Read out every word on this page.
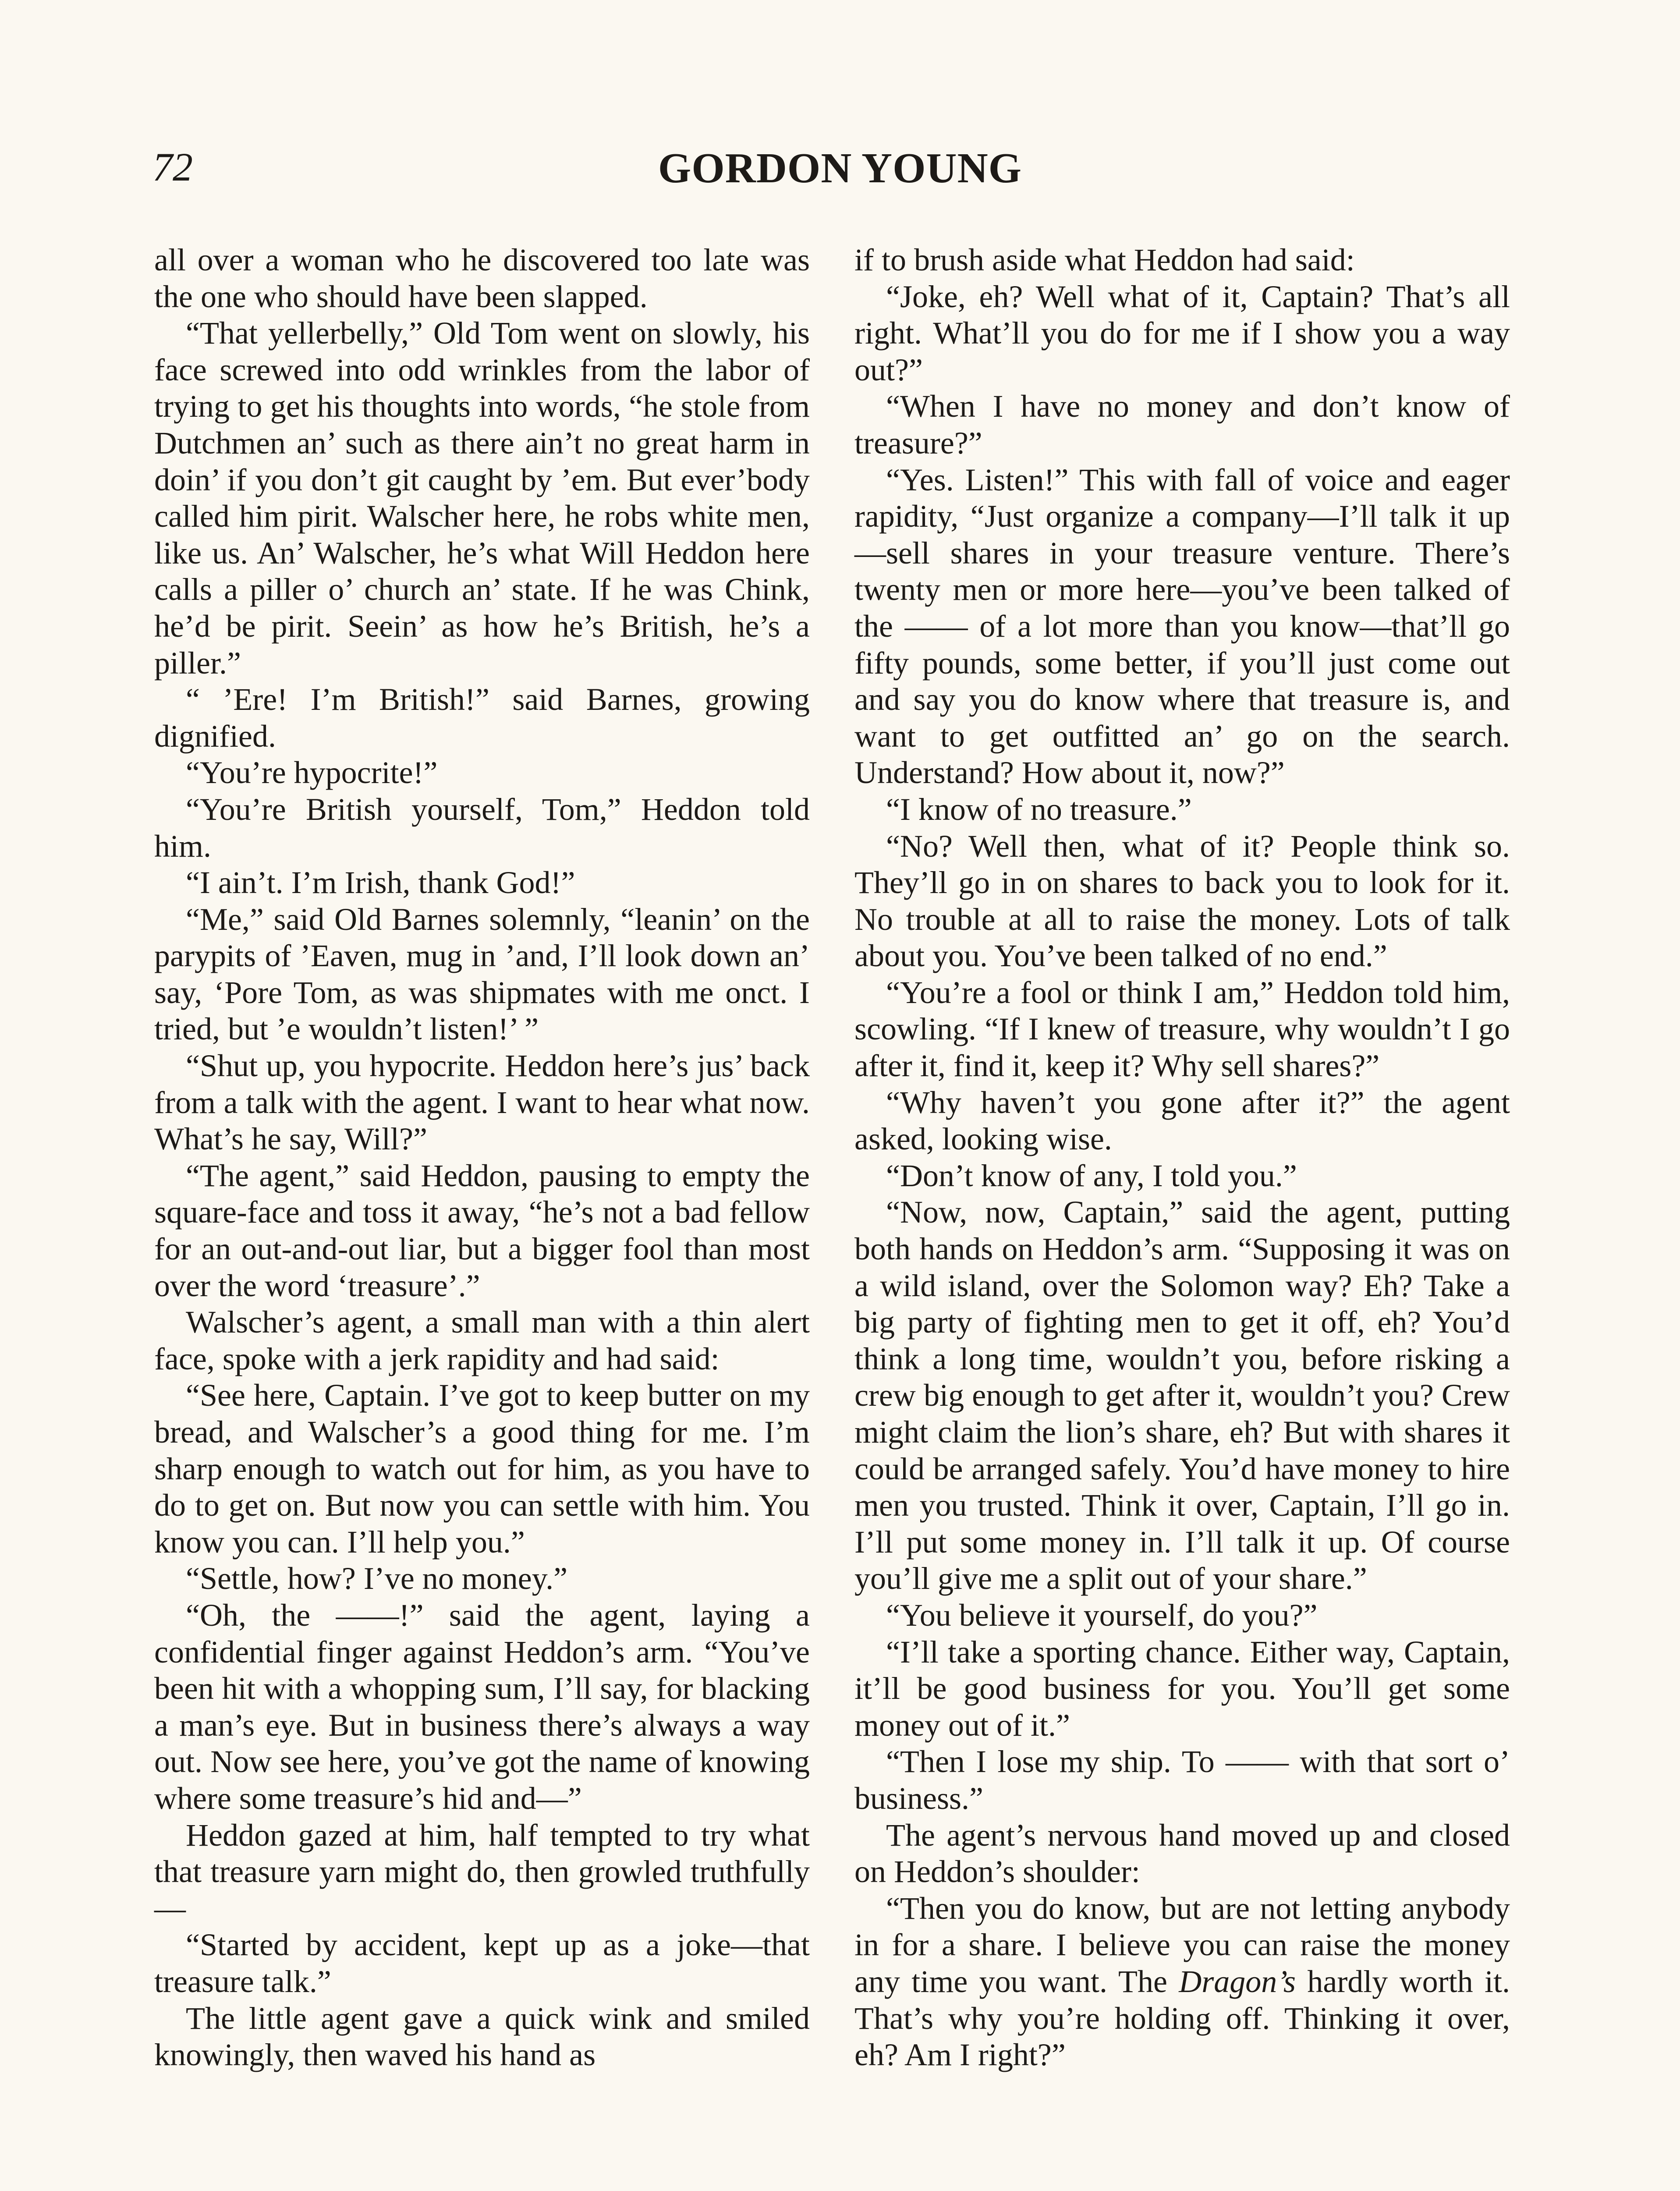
72	GORDON YOUNG

all over a woman who he discovered too late was the one who should have been slapped.

“That yellerbelly,” Old Tom went on slowly, his face screwed into odd wrinkles from the labor of trying to get his thoughts into words, “he stole from Dutchmen an’ such as there ain’t no great harm in doin’ if you don’t git caught by ’em. But ever’body called him pirit. Walscher here, he robs white men, like us. An’ Walscher, he’s what Will Heddon here calls a piller o’ church an’ state. If he was Chink, he’d be pirit. Seein’ as how he’s British, he’s a piller.”

“ ’Ere! I’m British!” said Barnes, growing dignified.

“You’re hypocrite!”

“You’re British yourself, Tom,” Heddon told him.

“I ain’t. I’m Irish, thank God!”

“Me,” said Old Barnes solemnly, “leanin’ on the parypits of ’Eaven, mug in ’and, I’ll look down an’ say, ‘Pore Tom, as was shipmates with me onct. I tried, but ’e wouldn’t listen!’ ”

“Shut up, you hypocrite. Heddon here’s jus’ back from a talk with the agent. I want to hear what now. What’s he say, Will?”

“The agent,” said Heddon, pausing to empty the square-face and toss it away, “he’s not a bad fellow for an out-and-out liar, but a bigger fool than most over the word ‘treasure’.”

Walscher’s agent, a small man with a thin alert face, spoke with a jerk rapidity and had said:

“See here, Captain. I’ve got to keep butter on my bread, and Walscher’s a good thing for me. I’m sharp enough to watch out for him, as you have to do to get on. But now you can settle with him. You know you can. I’ll help you.”

“Settle, how? I’ve no money.”

“Oh, the ——!” said the agent, laying a confidential finger against Heddon’s arm. “You’ve been hit with a whopping sum, I’ll say, for blacking a man’s eye. But in business there’s always a way out. Now see here, you’ve got the name of knowing where some treasure’s hid and—”

Heddon gazed at him, half tempted to try what that treasure yarn might do, then growled truthfully—

“Started by accident, kept up as a joke—that treasure talk.”

The little agent gave a quick wink and smiled knowingly, then waved his hand as

if to brush aside what Heddon had said:

“Joke, eh? Well what of it, Captain? That’s all right. What’ll you do for me if I show you a way out?”

“When I have no money and don’t know of treasure?”

“Yes. Listen!” This with fall of voice and eager rapidity, “Just organize a company—I’ll talk it up—sell shares in your treasure venture. There’s twenty men or more here—you’ve been talked of the —— of a lot more than you know—that’ll go fifty pounds, some better, if you’ll just come out and say you do know where that treasure is, and want to get outfitted an’ go on the search. Understand? How about it, now?”

“I know of no treasure.”

“No? Well then, what of it? People think so. They’ll go in on shares to back you to look for it. No trouble at all to raise the money. Lots of talk about you. You’ve been talked of no end.”

“You’re a fool or think I am,” Heddon told him, scowling. “If I knew of treasure, why wouldn’t I go after it, find it, keep it? Why sell shares?”

“Why haven’t you gone after it?” the agent asked, looking wise.

“Don’t know of any, I told you.”

“Now, now, Captain,” said the agent, putting both hands on Heddon’s arm. “Supposing it was on a wild island, over the Solomon way? Eh? Take a big party of fighting men to get it off, eh? You’d think a long time, wouldn’t you, before risking a crew big enough to get after it, wouldn’t you? Crew might claim the lion’s share, eh? But with shares it could be arranged safely. You’d have money to hire men you trusted. Think it over, Captain, I’ll go in. I’ll put some money in. I’ll talk it up. Of course you’ll give me a split out of your share.”

“You believe it yourself, do you?”

“I’ll take a sporting chance. Either way, Captain, it’ll be good business for you. You’ll get some money out of it.”

“Then I lose my ship. To —— with that sort o’ business.”

The agent’s nervous hand moved up and closed on Heddon’s shoulder:

“Then you do know, but are not letting anybody in for a share. I believe you can raise the money any time you want. The Dragon’s hardly worth it. That’s why you’re holding off. Thinking it over, eh? Am I right?”
